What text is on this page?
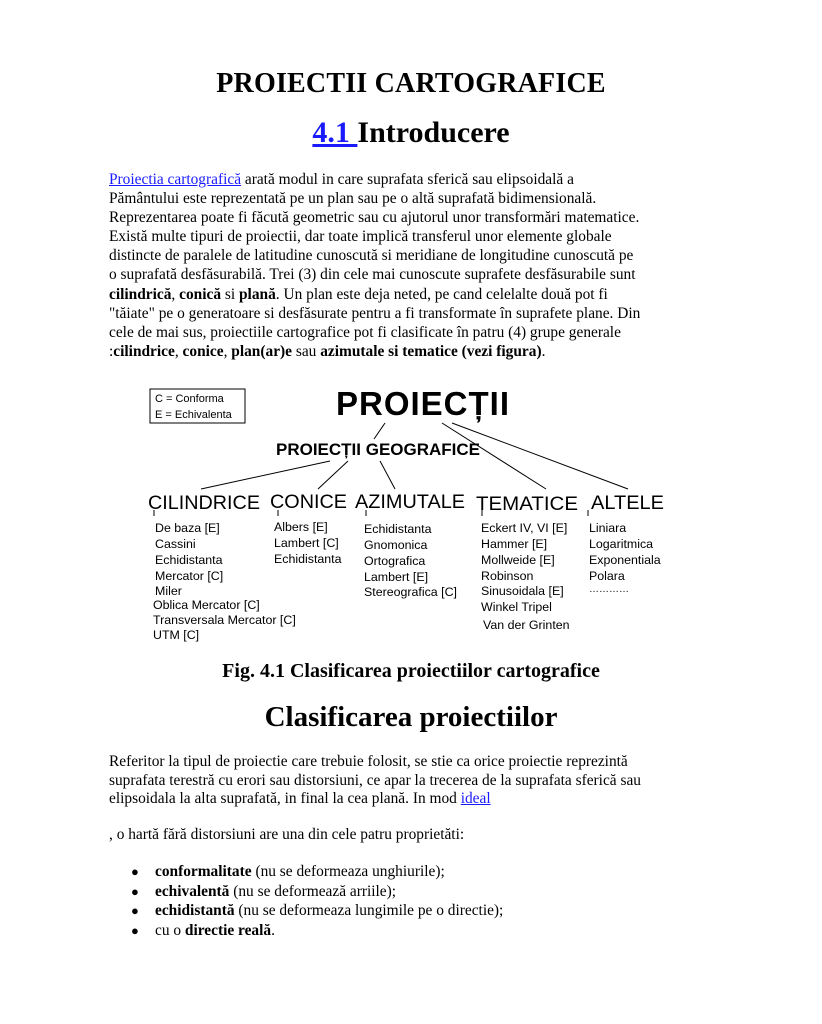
PROIECTII CARTOGRAFICE
4.1 Introducere

Proiectia cartografică arată modul in care suprafata sferică sau elipsoidală a

Pământului este reprezentată pe un plan sau pe o altă suprafată bidimensională.

Reprezentarea poate fi făcută geometric sau cu ajutorul unor transformări matematice.

Există multe tipuri de proiectii, dar toate implică transferul unor elemente globale

distincte de paralele de latitudine cunoscută si meridiane de longitudine cunoscută pe

o suprafată desfăsurabilă. Trei (3) din cele mai cunoscute suprafete desfăsurabile sunt

cilindrică, conică si plană. Un plan este deja neted, pe cand celelalte două pot fi

"tăiate" pe o generatoare si desfăsurate pentru a fi transformate în suprafete plane. Din

cele de mai sus, proiectiile cartografice pot fi clasificate în patru (4) grupe generale

:cilindrice, conice, plan(ar)e sau azimutale si tematice (vezi figura).

C = Conforma
E = Echivalenta	PROIECȚII
PROIECȚII GEOGRAFICE
CILINDRICE CONICE AZIMUTALE TEMATICE ALTELE
De baza [E]
Cassini
Echidistanta
Mercator [C]
Miler
Oblica Mercator [C]
Transversala Mercator [C]
UTM [C]
Albers [E]
Lambert [C]
Echidistanta
Echidistanta
Gnomonica
Ortografica
Lambert [E]
Stereografica [C]
Eckert IV, VI [E]
Hammer [E]
Mollweide [E]
Robinson
Sinusoidala [E]
Winkel Tripel
Van der Grinten
Liniara
Logaritmica
Exponentiala
Polara
…………
Fig. 4.1 Clasificarea proiectiilor cartografice
Clasificarea proiectiilor

Referitor la tipul de proiectie care trebuie folosit, se stie ca orice proiectie reprezintă

suprafata terestră cu erori sau distorsiuni, ce apar la trecerea de la suprafata sferică sau

elipsoidala la alta suprafată, in final la cea plană. In mod ideal

, o hartă fără distorsiuni are una din cele patru proprietăti:
● conformalitate (nu se deformeaza unghiurile);
● echivalentă (nu se deformează arriile);
● echidistantă (nu se deformeaza lungimile pe o directie);
● cu o directie reală.
